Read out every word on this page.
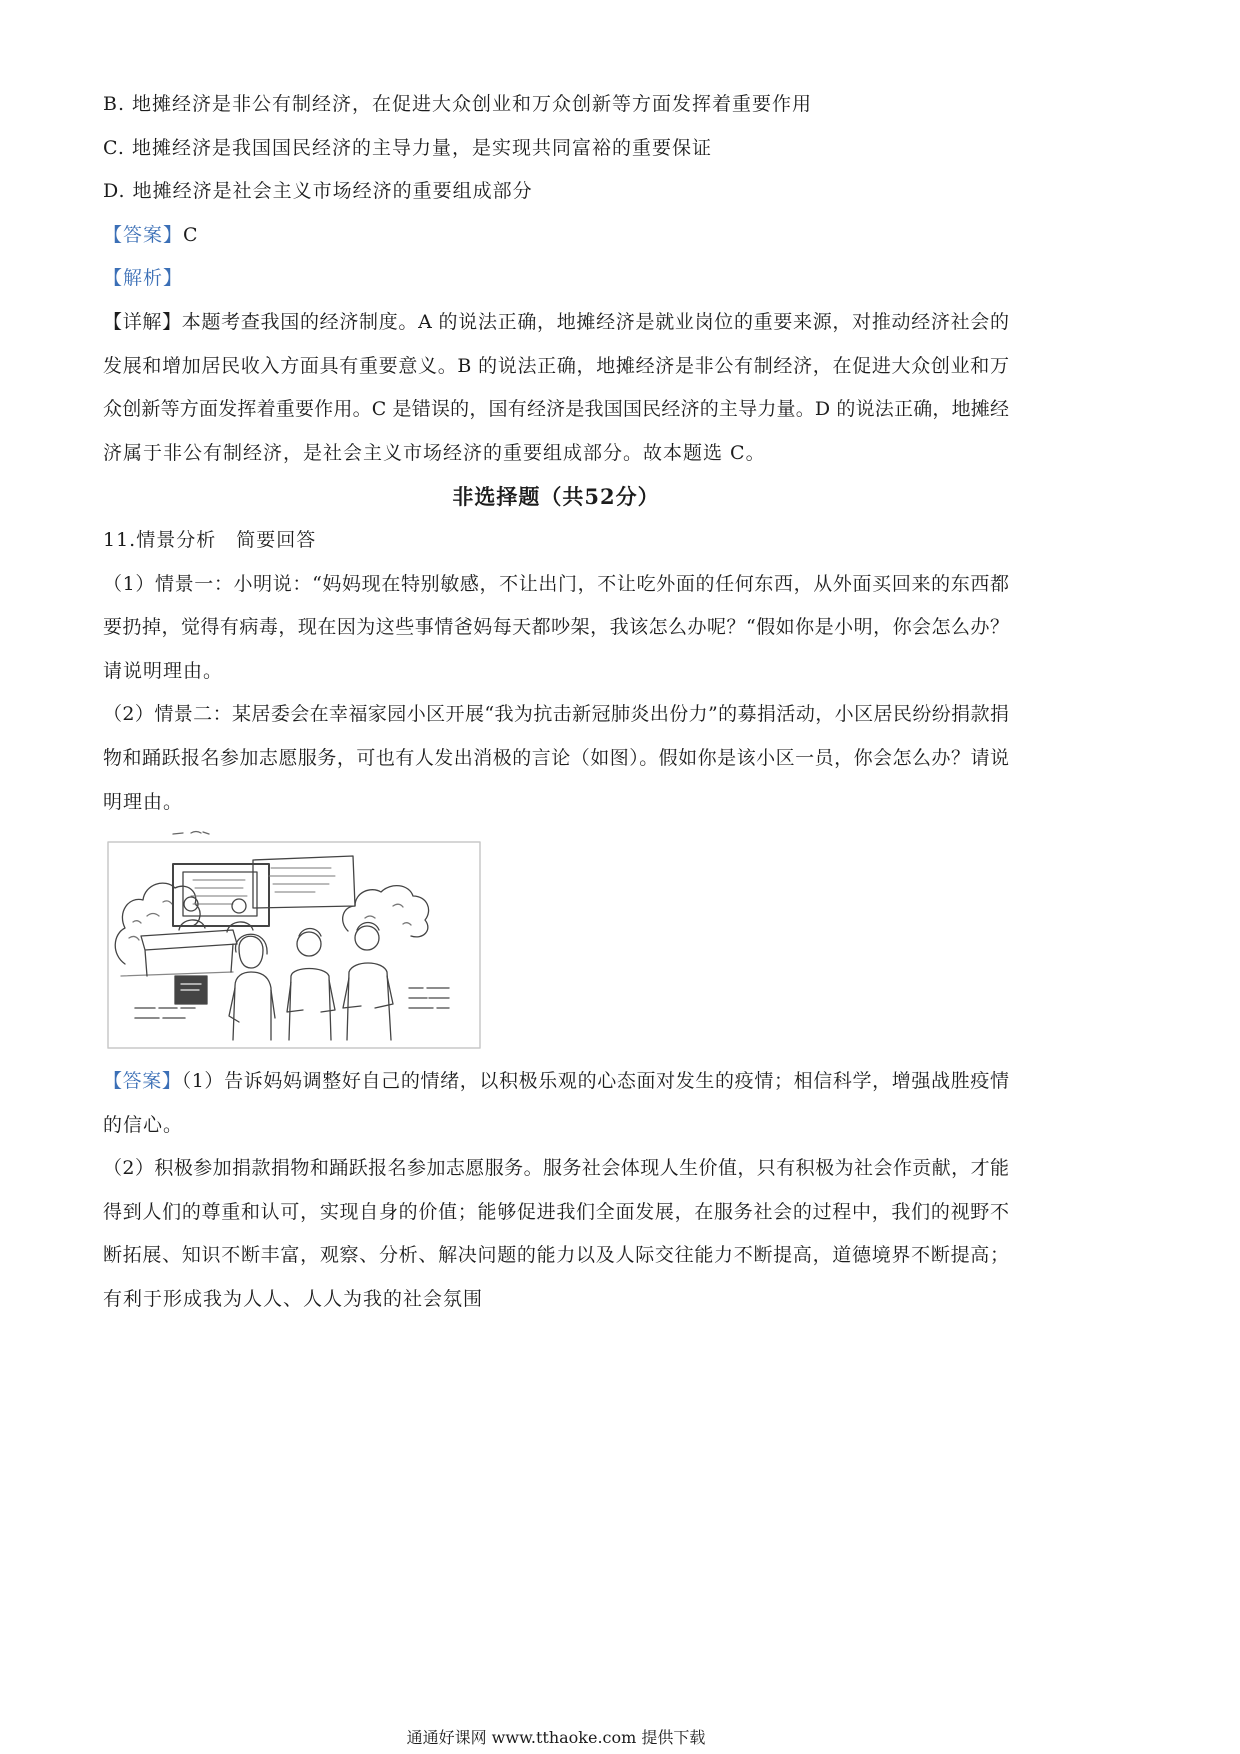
B. 地摊经济是非公有制经济，在促进大众创业和万众创新等方面发挥着重要作用
C. 地摊经济是我国国民经济的主导力量，是实现共同富裕的重要保证
D. 地摊经济是社会主义市场经济的重要组成部分
【答案】C
【解析】
【详解】本题考查我国的经济制度。A 的说法正确，地摊经济是就业岗位的重要来源，对推动经济社会的
发展和增加居民收入方面具有重要意义。B 的说法正确，地摊经济是非公有制经济，在促进大众创业和万
众创新等方面发挥着重要作用。C 是错误的，国有经济是我国国民经济的主导力量。D 的说法正确，地摊经
济属于非公有制经济，是社会主义市场经济的重要组成部分。故本题选 C。
非选择题（共52分）
11.情景分析　简要回答
（1）情景一：小明说：“妈妈现在特别敏感，不让出门，不让吃外面的任何东西，从外面买回来的东西都
要扔掉，觉得有病毒，现在因为这些事情爸妈每天都吵架，我该怎么办呢？“假如你是小明，你会怎么办？
请说明理由。
（2）情景二：某居委会在幸福家园小区开展“我为抗击新冠肺炎出份力”的募捐活动，小区居民纷纷捐款捐
物和踊跃报名参加志愿服务，可也有人发出消极的言论（如图）。假如你是该小区一员，你会怎么办？请说
明理由。
【答案】（1）告诉妈妈调整好自己的情绪，以积极乐观的心态面对发生的疫情；相信科学，增强战胜疫情
的信心。
（2）积极参加捐款捐物和踊跃报名参加志愿服务。服务社会体现人生价值，只有积极为社会作贡献，才能
得到人们的尊重和认可，实现自身的价值；能够促进我们全面发展，在服务社会的过程中，我们的视野不
断拓展、知识不断丰富，观察、分析、解决问题的能力以及人际交往能力不断提高，道德境界不断提高；
有利于形成我为人人、人人为我的社会氛围
通通好课网 www.tthaoke.com 提供下载
